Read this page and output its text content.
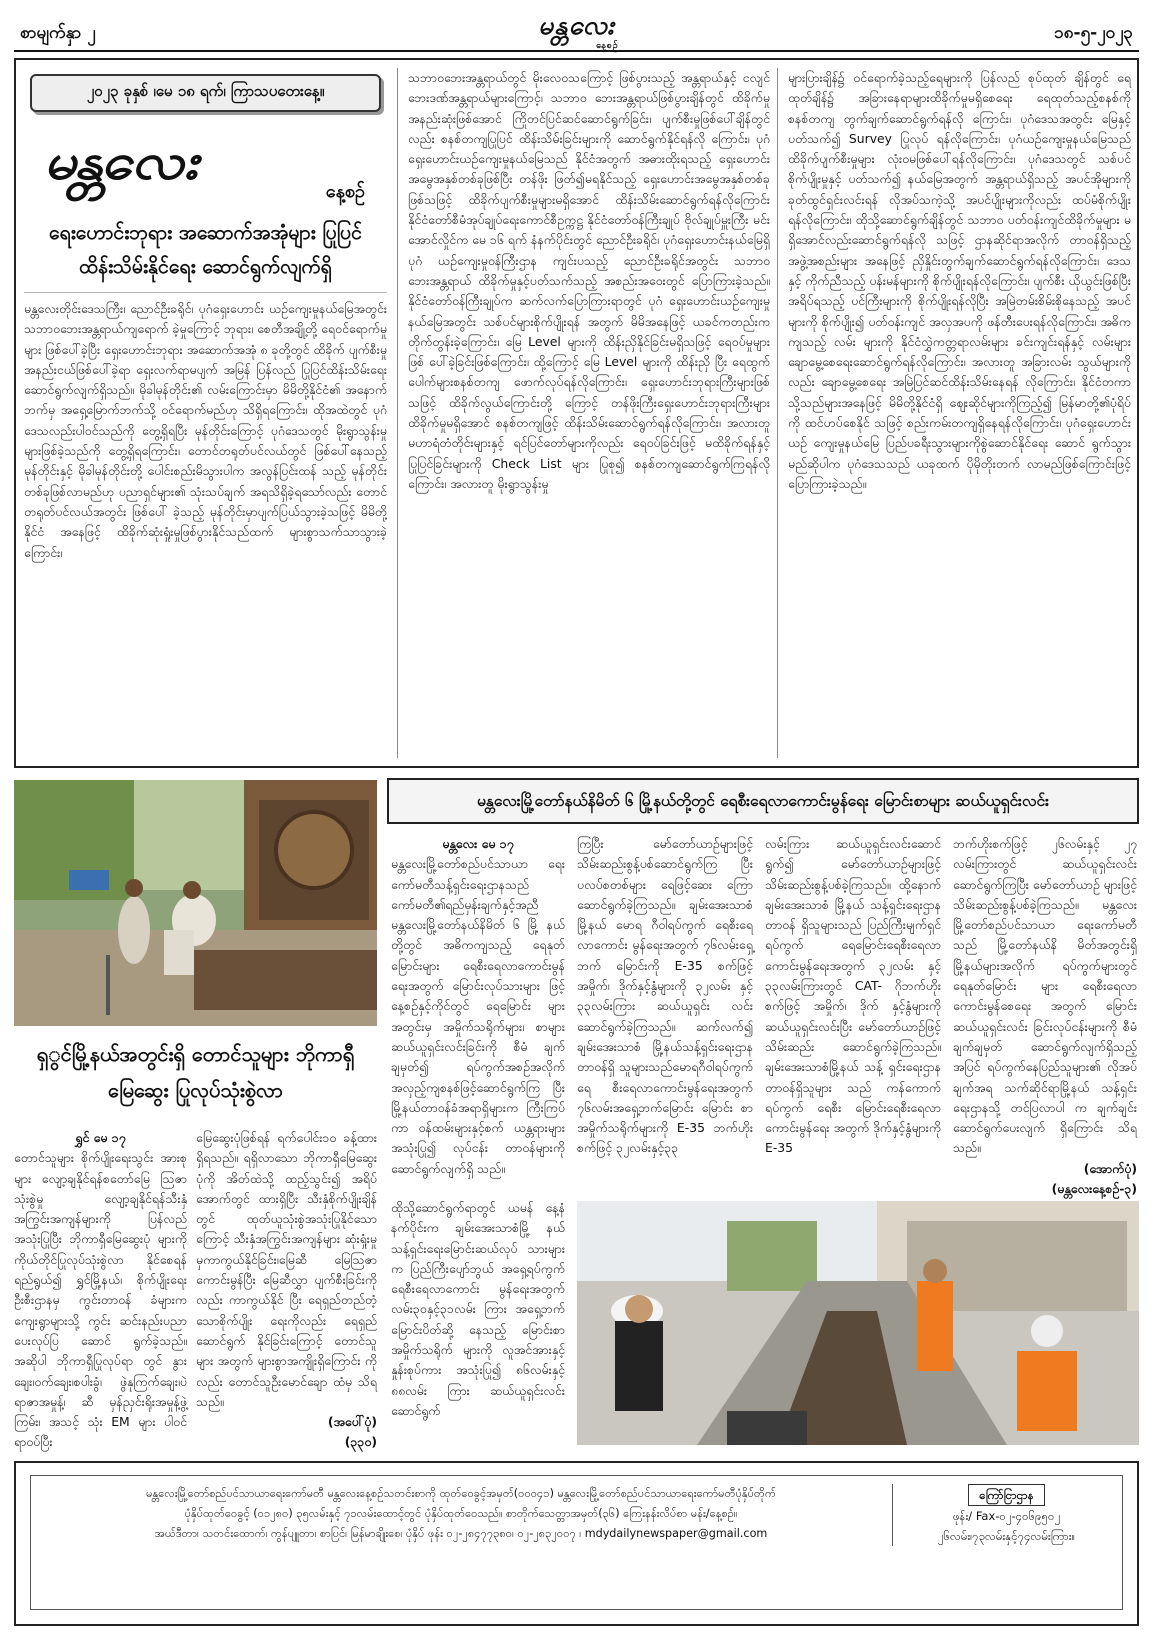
စာမျက်နှာ ၂	မန္တလေး
နေ့စဉ်
၁၈-၅-၂၀၂၃
၂၀၂၃ ခုနှစ် ၊မေ ၁၈ ရက်၊ ကြာသပတေးနေ့။
မန္တလေး
နေ့စဉ်
ရေးဟောင်းဘုရား အဆောက်အအုံများ ပြုပြင်ထိန်းသိမ်းနိုင်ရေး ဆောင်ရွက်လျက်ရှိ

မန္တလေးတိုင်းဒေသကြီး၊ ညောင်ဦးခရိုင်၊ ပုဂံရှေးဟောင်း ယဉ်ကျေးမှုနယ်မြေအတွင်း သဘာဝဘေးအန္တရာယ်ကျရောက် ခဲ့မှုကြောင့် ဘုရား၊ စေတီအချို့တို့ ရေဝင်ရောက်မှုများ ဖြစ်ပေါ်ခဲ့ပြီး ရှေးဟောင်းဘုရား အဆောက်အအုံ ၈ ခုတို့တွင် ထိခိုက် ပျက်စီးမှု အနည်းငယ်ဖြစ်ပေါ်ခဲ့ရာ ရှေးလက်ရာမပျက် အမြန် ပြန်လည် ပြုပြင်ထိန်းသိမ်းရေး ဆောင်ရွက်လျက်ရှိသည်။ မိုခါမုန်တိုင်း၏ လမ်းကြောင်းမှာ မိမိတို့နိုင်ငံ၏ အနောက် ဘက်မှ အရှေ့မြောက်ဘက်သို့ ဝင်ရောက်မည်ဟု သိရှိရကြောင်း၊ ထိုအထဲတွင် ပုဂံဒေသလည်းပါဝင်သည်ကို တွေ့ရှိရပြီး မုန်တိုင်းကြောင့် ပုဂံဒေသတွင် မိုးရွာသွန်းမှုများဖြစ်ခဲ့သည်ကို တွေ့ရှိရကြောင်း၊ တောင်တရုတ်ပင်လယ်တွင် ဖြစ်ပေါ်နေသည့် မုန်တိုင်းနှင့် မိုခါမုန်တိုင်းတို့ ပေါင်းစည်းမိသွားပါက အလွန်ပြင်းထန် သည့် မုန်တိုင်းတစ်ခုဖြစ်လာမည်ဟု ပညာရှင်များ၏ သုံးသပ်ချက် အရသိရှိခဲ့ရသော်လည်း တောင်တရုတ်ပင်လယ်အတွင်း ဖြစ်ပေါ် ခဲ့သည့် မုန်တိုင်းမှာပျက်ပြယ်သွားခဲ့သဖြင့် မိမိတို့နိုင်ငံ အနေဖြင့် ထိခိုက်ဆုံးရှုံးမှုဖြစ်ပွားနိုင်သည်ထက် များစွာသက်သာသွားခဲ့ကြောင်း၊

သဘာဝဘေးအန္တရာယ်တွင် မိုးလေဝသကြောင့် ဖြစ်ပွားသည့် အန္တရာယ်နှင့် ငလျင်ဘေးဒဏ်အန္တရာယ်များကြောင့်၊ သဘာဝ ဘေးအန္တရာယ်ဖြစ်ပွားချိန်တွင် ထိခိုက်မှုအနည်းဆုံးဖြစ်အောင် ကြိုတင်ပြင်ဆင်ဆောင်ရွက်ခြင်း၊ ပျက်စီးမှုဖြစ်ပေါ်ချိန်တွင်လည်း စနစ်တကျပြုပြင် ထိန်းသိမ်းခြင်းများကို ဆောင်ရွက်နိုင်ရန်လို ကြောင်း၊ ပုဂံရှေးဟောင်းယဉ်ကျေးမှုနယ်မြေသည် နိုင်ငံအတွက် အဓားထိုးရသည့် ရှေးဟောင်းအမွေအနှစ်တစ်ခုဖြစ်ပြီး တန်ဖိုး ဖြတ်၍မရနိုင်သည့် ရှေးဟောင်းအမွေအနှစ်တစ်ခုဖြစ်သဖြင့် ထိခိုက်ပျက်စီးမှုများမရှိအောင် ထိန်းသိမ်းဆောင်ရွက်ရန်လိုကြောင်း နိုင်ငံတော်စီမံအုပ်ချုပ်ရေးကောင်စီဥက္ကဋ္ဌ နိုင်ငံတော်ဝန်ကြီးချုပ် ဗိုလ်ချုပ်မှူးကြီး မင်းအောင်လှိုင်က မေ ၁၆ ရက် နံနက်ပိုင်းတွင် ညောင်ဦးခရိုင်၊ ပုဂံရှေးဟောင်းနယ်မြေရှိ ပုဂံ ယဉ်ကျေးမှုဝန်ကြီးဌာန ကျင်းပသည့် ညောင်ဦးခရိုင်အတွင်း သဘာဝဘေးအန္တရာယ် ထိခိုက်မှုနှင့်ပတ်သက်သည့် အစည်းအဝေးတွင် ပြောကြားခဲ့သည်။ နိုင်ငံတော်ဝန်ကြီးချုပ်က ဆက်လက်ပြောကြားရာတွင် ပုဂံ ရှေးဟောင်းယဉ်ကျေးမှုနယ်မြေအတွင်း သစ်ပင်များစိုက်ပျိုးရန် အတွက် မိမိအနေဖြင့် ယခင်ကတည်းက တိုက်တွန်းခဲ့ကြောင်း၊ မြေ Level များကို ထိန်းညှိနိုင်ခြင်းမရှိသဖြင့် ရေဝပ်မှုများဖြစ် ပေါ်ခဲ့ခြင်းဖြစ်ကြောင်း၊ ထို့ကြောင့် မြေ Level များကို ထိန်းညှိ ပြီး ရေထွက်ပေါက်များစနစ်တကျ ဖောက်လုပ်ရန်လိုကြောင်း၊ ရှေးဟောင်းဘုရားကြီးများဖြစ်သဖြင့် ထိခိုက်လွယ်ကြောင်းတို့ ကြောင့် တန်ဖိုးကြီးရှေးဟောင်းဘုရားကြီးများ ထိခိုက်မှုမရှိအောင် စနစ်တကျဖြင့် ထိန်းသိမ်းဆောင်ရွက်ရန်လိုကြောင်း၊ အလားတူ မဟာရံတံတိုင်းများနှင့် ရင်ပြင်တော်များကိုလည်း ရေဝပ်ခြင်းဖြင့် မထိခိုက်ရန်နှင့် ပြုပြင်ခြင်းများကို Check List များ ပြုစု၍ စနစ်တကျဆောင်ရွက်ကြရန်လိုကြောင်း၊ အလားတူ မိုးရွာသွန်းမှု

များပြားချိန်၌ ဝင်ရောက်ခဲ့သည့်ရေများကို ပြန်လည် စုပ်ထုတ် ချိန်တွင် ရေထုတ်ချိန်၌ အခြားနေရာများထိခိုက်မှုမရှိစေရေး ရေထုတ်သည့်စနစ်ကို စနစ်တကျ တွက်ချက်ဆောင်ရွက်ရန်လို ကြောင်း၊ ပုဂံဒေသအတွင်း မြေနှင့်ပတ်သက်၍ Survey ပြုလုပ် ရန်လိုကြောင်း၊ ပုဂံယဉ်ကျေးမှုနယ်မြေသည် ထိခိုက်ပျက်စီးမှုများ လုံးဝမဖြစ်ပေါ်ရန်လိုကြောင်း၊ ပုဂံဒေသတွင် သစ်ပင်စိုက်ပျိုးမှုနှင့် ပတ်သက်၍ နယ်မြေအတွက် အန္တရာယ်ရှိသည့် အပင်အိုများကို ခုတ်ထွင်ရှင်းလင်းရန် လိုအပ်သကဲ့သို့ အပင်ပျိုးများကိုလည်း ထပ်မံစိုက်ပျိုးရန်လိုကြောင်း၊ ထိုသို့ဆောင်ရွက်ချိန်တွင် သဘာဝ ပတ်ဝန်းကျင်ထိခိုက်မှုများ မရှိအောင်လည်းဆောင်ရွက်ရန်လို သဖြင့် ဌာနဆိုင်ရာအလိုက် တာဝန်ရှိသည့် အဖွဲ့အစည်းများ အနေဖြင့် ညှိနှိုင်းတွက်ချက်ဆောင်ရွက်ရန်လိုကြောင်း၊ ဒေသနှင့် ကိုက်ညီသည့် ပန်းမန်များကို စိုက်ပျိုးရန်လိုကြောင်း၊ ပျက်စီး ယိုယွင်းဖြစ်ပြီး အရိပ်ရသည့် ပင်ကြီးများကို စိုက်ပျိုးရန်လိုပြီး အမြဲတမ်းစိမ်းစိုနေသည့် အပင်များကို စိုက်ပျိုး၍ ပတ်ဝန်းကျင် အလှအပကို ဖန်တီးပေးရန်လိုကြောင်း၊ အဓိကကျသည့် လမ်း များကို နိုင်ငံလွှဲကတ္တရာလမ်းများ ခင်းကျင်းရန်နှင့် လမ်းများ ချောမွေ့စေရေးဆောင်ရွက်ရန်လိုကြောင်း၊ အလားတူ အခြားလမ်း သွယ်များကိုလည်း ချောမွေ့စေရေး အမြဲပြင်ဆင်ထိန်းသိမ်းနေရန် လိုကြောင်း၊ နိုင်ငံတကာသို့သည်များအနေဖြင့် မိမိတို့နိုင်ငံရှိ ဈေးဆိုင်များကိုကြည့်၍ မြန်မာတို့၏ပုံရိပ်ကို ထင်ဟပ်စေနိုင် သဖြင့် စည်းကမ်းတကျရှိနေရန်လိုကြောင်း၊ ပုဂံရှေးဟောင်းယဉ် ကျေးမှုနယ်မြေ ပြည်ပခရီးသွားများကိုစွဲဆောင်နိုင်ရေး ဆောင် ရွက်သွားမည်ဆိုပါက ပုဂံဒေသသည် ယခုထက် ပိုမိုတိုးတက် လာမည်ဖြစ်ကြောင်းဖြင့် ပြောကြားခဲ့သည်။

ရှွင်မြို့နယ်အတွင်းရှိ တောင်သူများ ဘိုကာရှီမြေဆွေး ပြုလုပ်သုံးစွဲလာ

ရွှင် မေ ၁၇

တောင်သူများ စိုက်ပျိုးရေးသွင်း အားစုများ လျော့ချနိုင်ရန်စတော်မြေ သြဇာသုံးစွဲမှု လျော့ချနိုင်ရန်သီးနှံ အကြွင်းအကျန်များကို ပြန်လည် အသုံးပြုပြီး ဘိုကာရှီမြေဆွေးပုံ များကို ကိုယ်တိုင်ပြုလုပ်သုံးစွဲလာ နိုင်စေရန်ရည်ရွယ်၍ ရွှင်မြို့နယ်၊ စိုက်ပျိုးရေးဦးစီးဌာနမှ ကွင်းတာဝန် ခံများက ကျေးရွာများသို့ ကွင်း ဆင်းနည်းပညာပေးလုပ်ပြ ဆောင် ရွက်ခဲ့သည်။ အဆိုပါ ဘိုကာရှီပြုလုပ်ရာ တွင် နွားချေး၊ဝက်ချေး၊စပါးခွံ၊ ဖွဲနုကြက်ချေး၊ပဲရာဇာအမှုန့်၊ ဆီ မှန်ညှင်းရိုးအမှုန့်ဖွဲ့ကြမ်း၊ အသင့် သုံး EM များ ပါဝင်ရာ၀ပ်ပြီး

မြေဆွေးပုံဖြစ်ရန် ရက်ပေါင်း၁၀ ခန့်ထားရှိရသည်။ ရရှိလာသော ဘိုကာရှီမြေဆွေးပုံကို အိတ်ထဲသို့ ထည့်သွင်း၍ အရိပ်အောက်တွင် ထားရှိပြီး သီးနှံစိုက်ပျိုးချိန်တွင် ထုတ်ယူသုံးစွဲအသုံးပြုနိုင်သော ကြောင့် သီးနှံအကြွင်းအကျန်များ ဆုံးရှုံးမှုမှကာကွယ်နိုင်ခြင်း၊မြေဆီ မြေသြဇာကောင်းမွန်ပြီး မြေဆီလွှာ ပျက်စီးခြင်းကိုလည်း ကာကွယ်နိုင် ပြီး ရေရှည်တည်တံ့သောစိုက်ပျိုး ရေးကိုလည်း ရေရှည်ဆောင်ရွက် နိုင်ခြင်းကြောင့် တောင်သူများ အတွက် များစွာအကျိုးရှိကြောင်း ကိုလည်း တောင်သူဦးမောင်ချော ထံမှ သိရသည်။

(အပေါ်ပုံ)

(၃၃၀)

မန္တလေးမြို့တော်နယ်နိမိတ် ၆ မြို့နယ်တို့တွင် ရေစီးရေလာကောင်းမွန်ရေး မြောင်းစာများ ဆယ်ယူရှင်းလင်း

မန္တလေး မေ ၁၇

မန္တလေးမြို့တော်စည်ပင်သာယာ ရေးကော်မတီသန့်ရှင်းရေးဌာနသည် ကော်မတီ၏ရည်မှန်းချက်နှင့်အညီ မန္တလေးမြို့တော်နယ်နိမိတ် ၆ မြို့ နယ်တို့တွင် အဓိကကျသည့် ရေနုတ် မြောင်းများ ရေစီးရေလာကောင်းမွန် ရေးအတွက် မြောင်းလုပ်သားများ ဖြင့် နေ့စဉ်နှင့်ကိုင်တွင် ရေမြောင်း များအတွင်းမှ အမှိုက်သရိုက်များ၊ စာများ ဆယ်ယူရှင်းလင်းခြင်းကို စီမံ ချက်ချမှတ်၍ ရပ်ကွက်အစဉ်အလိုက် အလှည့်ကျစနစ်ဖြင့်ဆောင်ရွက်ကြ ပြီး မြို့နယ်တာဝန်ခံအရာရှိများက ကြီးကြပ်ကာ ဝန်ထမ်းများနှင့်စက် ယန္တရားများအသုံးပြု၍ လုပ်ငန်း တာဝန်များကို ဆောင်ရွက်လျက်ရှိ သည်။

ကြပြီး မော်တော်ယာဉ်များဖြင့် သိမ်းဆည်းစွန့်ပစ်ဆောင်ရွက်ကြ ပြီး ပလပ်စတစ်များ ရေဖြင့်ဆေး ကြော ဆောင်ရွက်ခဲ့ကြသည်။ ချမ်းအေးသာစံမြို့နယ် မောရ ဂီ၀ါရပ်ကွက် ရေစီးရေလာကောင်း မွန်ရေးအတွက် ၇၆လမ်းရှေ့ဘက် မြောင်းကို E-35 စက်ဖြင့် အမှိုက်၊ ဒိုက်နှင့်နွံများကို ၃၂လမ်း နှင့် ၃၃လမ်းကြား ဆယ်ယူရှင်း လင်း ဆောင်ရွက်ခဲ့ကြသည်။ ဆက်လက်၍ ချမ်းအေးသာစံ မြို့နယ်သန့်ရှင်းရေးဌာန တာဝန်ရှိ သူများသည်မောရဂီ၀ါရပ်ကွက် ရေ စီးရေလာကောင်းမွန်ရေးအတွက် ၇၆လမ်းအရှေ့ဘက်မြောင်း မြောင်း စာအမှိုက်သရိုက်များကို E-35 ဘက်ဟိုးစက်ဖြင့် ၃၂လမ်းနှင့်၃၃

လမ်းကြား ဆယ်ယူရှင်းလင်းဆောင် ရွက်၍ မော်တော်ယာဉ်များဖြင့် သိမ်းဆည်းစွန့်ပစ်ခဲ့ကြသည်။ ထို့နောက် ချမ်းအေးသာစံ မြို့နယ် သန့်ရှင်းရေးဌာန တာဝန် ရှိသူများသည် ပြည်ကြီးမျက်ရှင် ရပ်ကွက် ရေမြောင်းရေစီးရေလာ ကောင်းမွန်ရေးအတွက် ၃၂လမ်း နှင့် ၃၃လမ်းကြားတွင် CAT- ဂိုဘက်ဟိုးစက်ဖြင့် အမှိုက်၊ ဒိုက် နှင့်နွံများကို ဆယ်ယူရှင်းလင်းပြီး မော်တော်ယာဉ်ဖြင့် သိမ်းဆည်း ဆောင်ရွက်ခဲ့ကြသည်။ ချမ်းအေးသာစံမြို့နယ် သန့် ရှင်းရေးဌာန တာဝန်ရှိသူများ သည် ကန်ကောက်ရပ်ကွက် ရေစီး မြောင်းရေစီးရေလာကောင်းမွန်ရေး အတွက် ဒိုက်နှင့်နွံများကို E-35

ဘက်ဟိုးစက်ဖြင့် ၂၆လမ်းနှင့် ၂၇ လမ်းကြားတွင် ဆယ်ယူရှင်းလင်း ဆောင်ရွက်ကြပြီး မော်တော်ယာဉ် များဖြင့် သိမ်းဆည်းစွန့်ပစ်ခဲ့ကြသည်။ မန္တလေးမြို့တော်စည်ပင်သာယာ ရေးကော်မတီသည် မြို့တော်နယ်နိ မိတ်အတွင်းရှိ မြို့နယ်များအလိုက် ရပ်ကွက်များတွင် ရေနုတ်မြောင်း များ ရေစီးရေလာကောင်းမွန်စေရေး အတွက် မြောင်းဆယ်ယူရှင်းလင်း ခြင်းလုပ်ငန်းများကို စီမံချက်ချမှတ် ဆောင်ရွက်လျက်ရှိသည့်အပြင် ရပ်ကွက်နေပြည်သူများ၏ လိုအပ် ချက်အရ သက်ဆိုင်ရာမြို့နယ် သန့်ရှင်းရေးဌာနသို့ တင်ပြလာပါ က ချက်ချင်းဆောင်ရွက်ပေးလျက် ရှိကြောင်း သိရသည်။

(အောက်ပုံ)

(မန္တလေးနေ့စဉ်-၃)

ထိုသို့ဆောင်ရွက်ရာတွင် ယမန် နေ့နံနက်ပိုင်းက ချမ်းအေးသာစံမြို့ နယ် သန့်ရှင်းရေးမြောင်းဆယ်လုပ် သားများက ပြည်ကြီးပျော်ဘွယ် အရှေ့ရပ်ကွက်ရေစီးရေလာကောင်း မွန်ရေးအတွက် လမ်း၃၀နှင့်၃၁လမ်း ကြား အရှေ့ဘက်မြောင်းပိတ်ဆို့ နေသည့် မြောင်းစာအမှိုက်သရိုက် များကို လူအင်အားနှင့် နှုန်းစုပ်ကား အသုံးပြု၍ ၈၆လမ်းနှင့် ၈၈လမ်း ကြား ဆယ်ယူရှင်းလင်းဆောင်ရွက်

မန္တလေးမြို့တော်စည်ပင်သာယာရေးကော်မတီ မန္တလေးနေ့စဉ်သတင်းစာကို ထုတ်ဝေခွင့်အမှတ်(၀၀၀၄၁) မန္တလေးမြို့တော်စည်ပင်သာယာရေးကော်မတီပုံနှိပ်တိုက်
ပုံနှိပ်ထုတ်ဝေခွင့် (၀၁၂၈၀) ၃၅လမ်းနှင့် ၇၁လမ်းထောင့်တွင် ပုံနှိပ်ထုတ်ဝေသည်။ စာတိုက်သေတ္တာအမှတ်(၃၆) ကြေးနန်းလိပ်စာ မန်း/နေ့စဉ်။
အယ်ဒီတာ၊ သတင်းထောက်၊ ကွန်ပျူတာ၊ စာပြင်၊ မြန်မာချိုးစေ၊ ပုံနှိပ် ဖုန်း ၀၂-၂၈၄၇၇၃၈၀၊ ၀၂-၂၈၃၂၀၀၇ ၊ mdydailynewspaper@gmail.com
ကြော်ငြာဌာန
ဖုန်း/ Fax-၀၂-၄၀၆၉၅၀၂
၂၆လမ်း၊၇၃လမ်းနှင့်၇၄လမ်းကြား။
